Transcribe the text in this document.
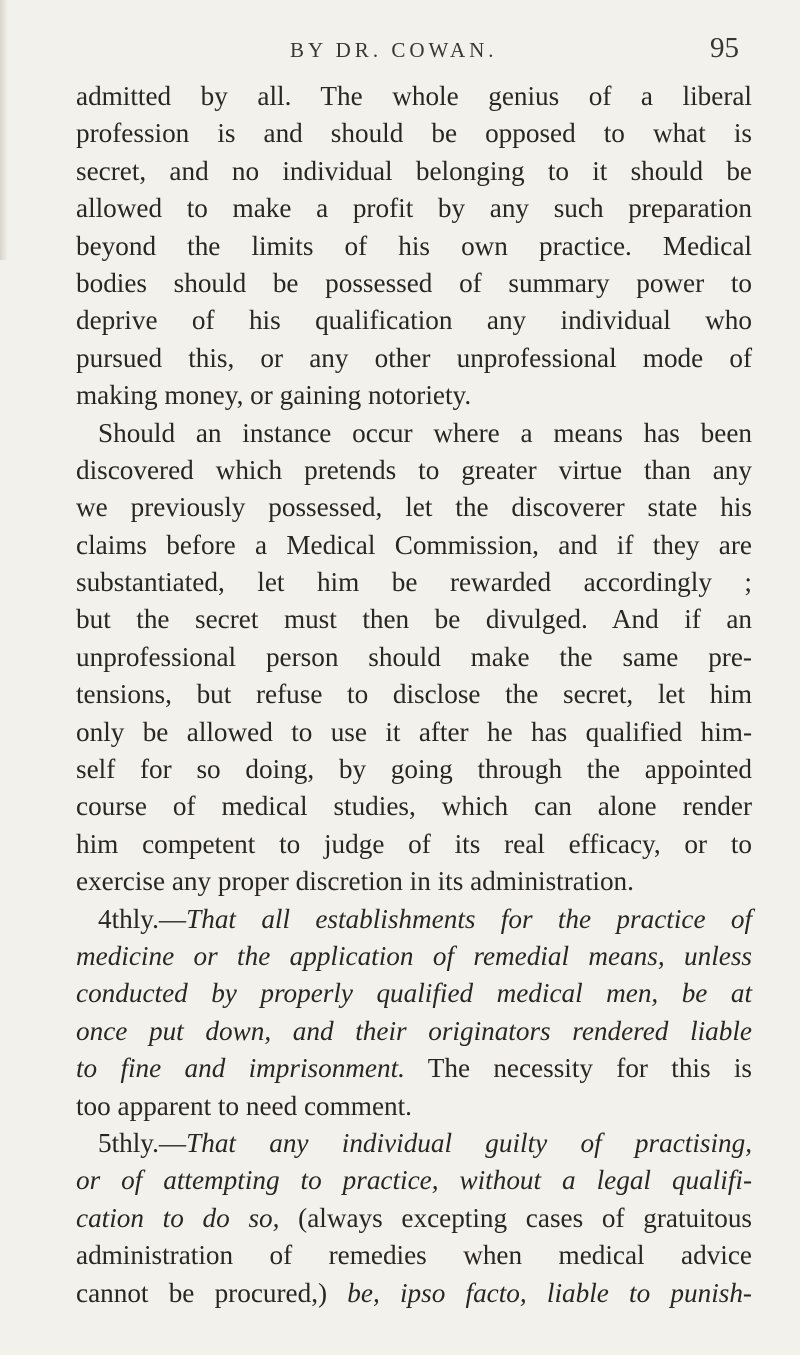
BY DR. COWAN.	95
admitted by all. The whole genius of a liberal
profession is and should be opposed to what is
secret, and no individual belonging to it should be
allowed to make a profit by any such preparation
beyond the limits of his own practice. Medical
bodies should be possessed of summary power to
deprive of his qualification any individual who
pursued this, or any other unprofessional mode of
making money, or gaining notoriety.
Should an instance occur where a means has been
discovered which pretends to greater virtue than any
we previously possessed, let the discoverer state his
claims before a Medical Commission, and if they are
substantiated, let him be rewarded accordingly ;
but the secret must then be divulged. And if an
unprofessional person should make the same pre-
tensions, but refuse to disclose the secret, let him
only be allowed to use it after he has qualified him-
self for so doing, by going through the appointed
course of medical studies, which can alone render
him competent to judge of its real efficacy, or to
exercise any proper discretion in its administration.
4thly.—That all establishments for the practice of
medicine or the application of remedial means, unless
conducted by properly qualified medical men, be at
once put down, and their originators rendered liable
to fine and imprisonment. The necessity for this is
too apparent to need comment.
5thly.—That any individual guilty of practising,
or of attempting to practice, without a legal qualifi-
cation to do so, (always excepting cases of gratuitous
administration of remedies when medical advice
cannot be procured,) be, ipso facto, liable to punish-
